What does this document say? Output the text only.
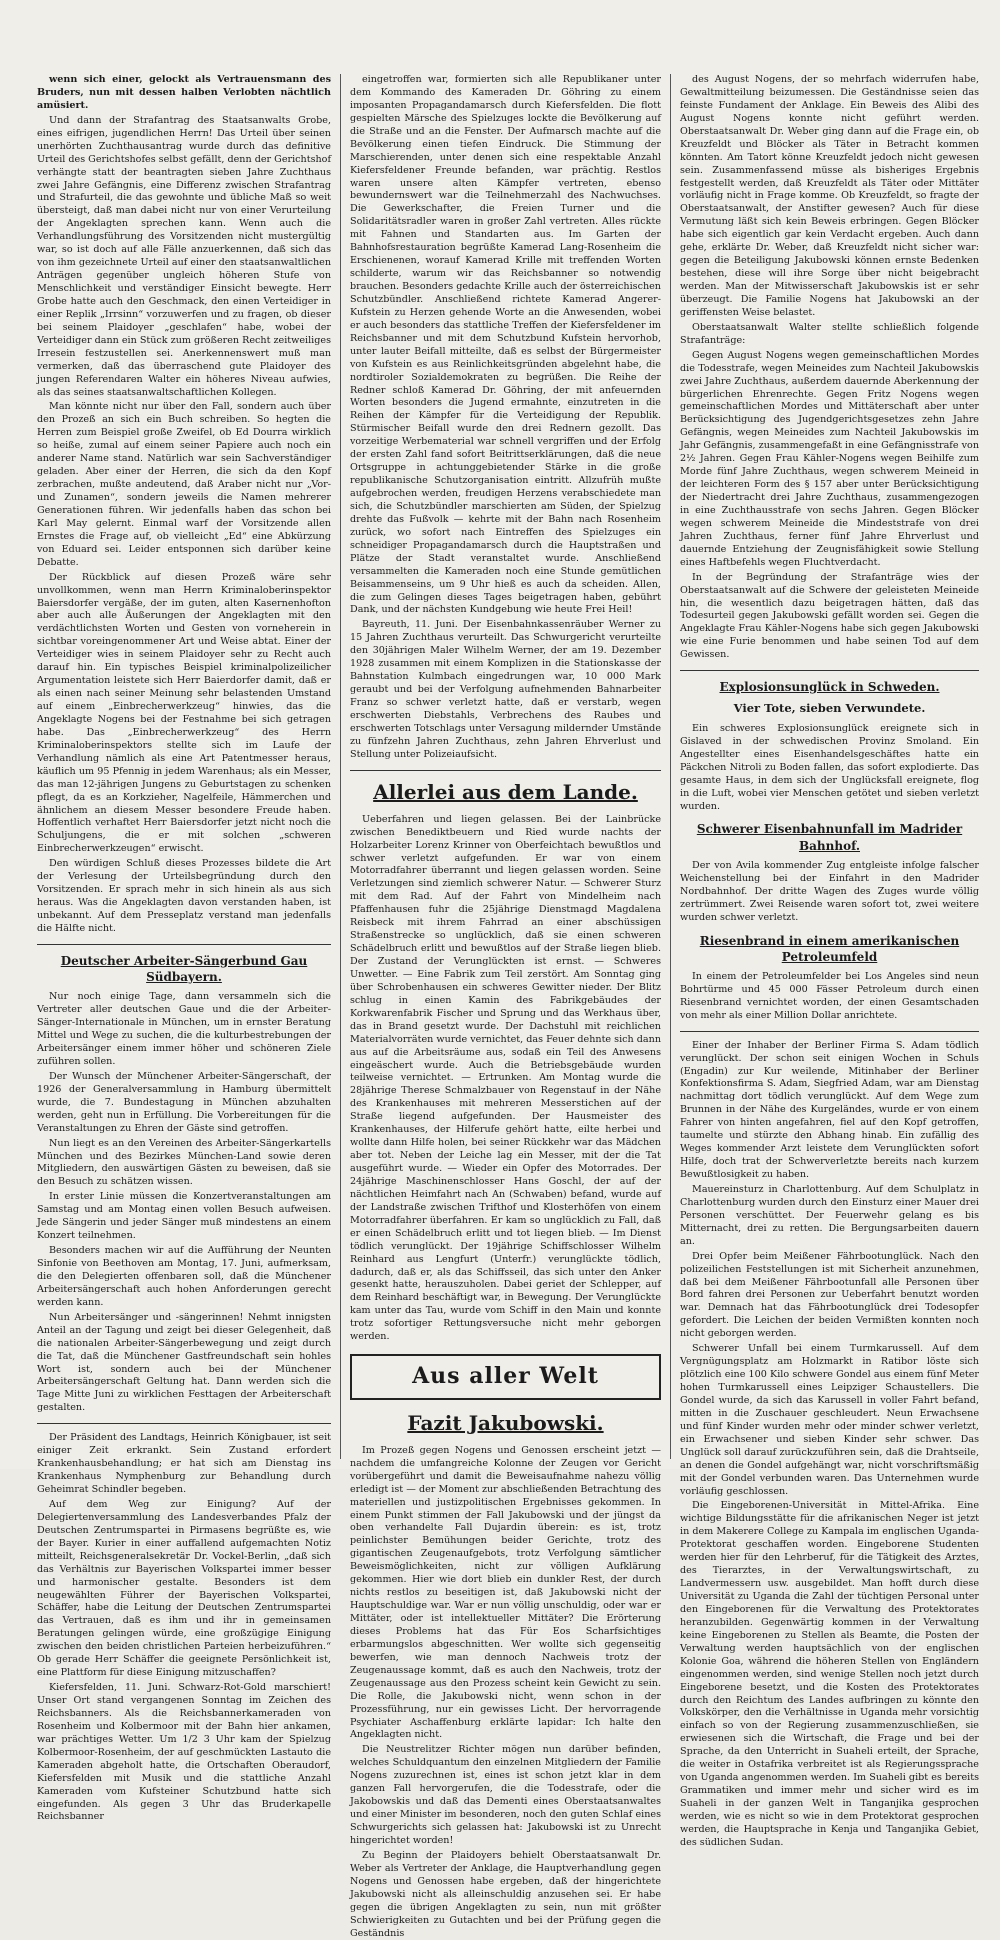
wenn sich einer, gelockt als Vertrauensmann des Bruders, nun mit dessen halben Verlobten nächtlich amüsiert.

Und dann der Strafantrag des Staatsanwalts Grobe, eines eifrigen, jugendlichen Herrn! Das Urteil über seinen unerhörten Zuchthausantrag wurde durch das definitive Urteil des Gerichtshofes selbst gefällt, denn der Gerichtshof verhängte statt der beantragten sieben Jahre Zuchthaus zwei Jahre Gefängnis, eine Differenz zwischen Strafantrag und Strafurteil, die das gewohnte und übliche Maß so weit übersteigt, daß man dabei nicht nur von einer Verurteilung der Angeklagten sprechen kann. Wenn auch die Verhandlungsführung des Vorsitzenden nicht mustergültig war, so ist doch auf alle Fälle anzuerkennen, daß sich das von ihm gezeichnete Urteil auf einer den staatsanwaltlichen Anträgen gegenüber ungleich höheren Stufe von Menschlichkeit und verständiger Einsicht bewegte. Herr Grobe hatte auch den Geschmack, den einen Verteidiger in einer Replik „Irrsinn“ vorzuwerfen und zu fragen, ob dieser bei seinem Plaidoyer „geschlafen“ habe, wobei der Verteidiger dann ein Stück zum größeren Recht zeitweiliges Irresein festzustellen sei. Anerkennenswert muß man vermerken, daß das überraschend gute Plaidoyer des jungen Referendaren Walter ein höheres Niveau aufwies, als das seines staatsanwaltschaftlichen Kollegen.

Man könnte nicht nur über den Fall, sondern auch über den Prozeß an sich ein Buch schreiben. So hegten die Herren zum Beispiel große Zweifel, ob Ed Dourra wirklich so heiße, zumal auf einem seiner Papiere auch noch ein anderer Name stand. Natürlich war sein Sachverständiger geladen. Aber einer der Herren, die sich da den Kopf zerbrachen, mußte andeutend, daß Araber nicht nur „Vor- und Zunamen“, sondern jeweils die Namen mehrerer Generationen führen. Wir jedenfalls haben das schon bei Karl May gelernt. Einmal warf der Vorsitzende allen Ernstes die Frage auf, ob vielleicht „Ed“ eine Abkürzung von Eduard sei. Leider entsponnen sich darüber keine Debatte.

Der Rückblick auf diesen Prozeß wäre sehr unvollkommen, wenn man Herrn Kriminaloberinspektor Baiersdorfer vergäße, der im guten, alten Kasernenhofton aber auch alle Äußerungen der Angeklagten mit den verdächtlichsten Worten und Gesten von vorneherein in sichtbar voreingenommener Art und Weise abtat. Einer der Verteidiger wies in seinem Plaidoyer sehr zu Recht auch darauf hin. Ein typisches Beispiel kriminalpolizeilicher Argumentation leistete sich Herr Baierdorfer damit, daß er als einen nach seiner Meinung sehr belastenden Umstand auf einem „Einbrecherwerkzeug“ hinwies, das die Angeklagte Nogens bei der Festnahme bei sich getragen habe. Das „Einbrecherwerkzeug“ des Herrn Kriminaloberinspektors stellte sich im Laufe der Verhandlung nämlich als eine Art Patentmesser heraus, käuflich um 95 Pfennig in jedem Warenhaus; als ein Messer, das man 12-jährigen Jungens zu Geburtstagen zu schenken pflegt, da es an Korkzieher, Nagelfeile, Hämmerchen und ähnlichem an diesem Messer besondere Freude haben. Hoffentlich verhaftet Herr Baiersdorfer jetzt nicht noch die Schuljungens, die er mit solchen „schweren Einbrecherwerkzeugen“ erwischt.

Den würdigen Schluß dieses Prozesses bildete die Art der Verlesung der Urteilsbegründung durch den Vorsitzenden. Er sprach mehr in sich hinein als aus sich heraus. Was die Angeklagten davon verstanden haben, ist unbekannt. Auf dem Presseplatz verstand man jedenfalls die Hälfte nicht.

Deutscher Arbeiter-Sängerbund Gau Südbayern.

Nur noch einige Tage, dann versammeln sich die Vertreter aller deutschen Gaue und die der Arbeiter-Sänger-Internationale in München, um in ernster Beratung Mittel und Wege zu suchen, die die kulturbestrebungen der Arbeitersänger einem immer höher und schöneren Ziele zuführen sollen.

Der Wunsch der Münchener Arbeiter-Sängerschaft, der 1926 der Generalversammlung in Hamburg übermittelt wurde, die 7. Bundestagung in München abzuhalten werden, geht nun in Erfüllung. Die Vorbereitungen für die Veranstaltungen zu Ehren der Gäste sind getroffen.

Nun liegt es an den Vereinen des Arbeiter-Sängerkartells München und des Bezirkes München-Land sowie deren Mitgliedern, den auswärtigen Gästen zu beweisen, daß sie den Besuch zu schätzen wissen.

In erster Linie müssen die Konzertveranstaltungen am Samstag und am Montag einen vollen Besuch aufweisen. Jede Sängerin und jeder Sänger muß mindestens an einem Konzert teilnehmen.

Besonders machen wir auf die Aufführung der Neunten Sinfonie von Beethoven am Montag, 17. Juni, aufmerksam, die den Delegierten offenbaren soll, daß die Münchener Arbeitersängerschaft auch hohen Anforderungen gerecht werden kann.

Nun Arbeitersänger und -sängerinnen! Nehmt innigsten Anteil an der Tagung und zeigt bei dieser Gelegenheit, daß die nationalen Arbeiter-Sängerbewegung und zeigt durch die Tat, daß die Münchener Gastfreundschaft sein hohles Wort ist, sondern auch bei der Münchener Arbeitersängerschaft Geltung hat. Dann werden sich die Tage Mitte Juni zu wirklichen Festtagen der Arbeiterschaft gestalten.

Der Präsident des Landtags, Heinrich Königbauer, ist seit einiger Zeit erkrankt. Sein Zustand erfordert Krankenhausbehandlung; er hat sich am Dienstag ins Krankenhaus Nymphenburg zur Behandlung durch Geheimrat Schindler begeben.

Auf dem Weg zur Einigung? Auf der Delegiertenversammlung des Landesverbandes Pfalz der Deutschen Zentrumspartei in Pirmasens begrüßte es, wie der Bayer. Kurier in einer auffallend aufgemachten Notiz mitteilt, Reichsgeneralsekretär Dr. Vockel-Berlin, „daß sich das Verhältnis zur Bayerischen Volkspartei immer besser und harmonischer gestalte. Besonders ist dem neugewählten Führer der Bayerischen Volkspartei, Schäffer, habe die Leitung der Deutschen Zentrumspartei das Vertrauen, daß es ihm und ihr in gemeinsamen Beratungen gelingen würde, eine großzügige Einigung zwischen den beiden christlichen Parteien herbeizuführen.“ Ob gerade Herr Schäffer die geeignete Persönlichkeit ist, eine Plattform für diese Einigung mitzuschaffen?

Kiefersfelden, 11. Juni. Schwarz-Rot-Gold marschiert! Unser Ort stand vergangenen Sonntag im Zeichen des Reichsbanners. Als die Reichsbannerkameraden von Rosenheim und Kolbermoor mit der Bahn hier ankamen, war prächtiges Wetter. Um 1/2 3 Uhr kam der Spielzug Kolbermoor-Rosenheim, der auf geschmückten Lastauto die Kameraden abgeholt hatte, die Ortschaften Oberaudorf, Kiefersfelden mit Musik und die stattliche Anzahl Kameraden vom Kufsteiner Schutzbund hatte sich eingefunden. Als gegen 3 Uhr das Bruderkapelle Reichsbanner

eingetroffen war, formierten sich alle Republikaner unter dem Kommando des Kameraden Dr. Göhring zu einem imposanten Propagandamarsch durch Kiefersfelden. Die flott gespielten Märsche des Spielzuges lockte die Bevölkerung auf die Straße und an die Fenster. Der Aufmarsch machte auf die Bevölkerung einen tiefen Eindruck. Die Stimmung der Marschierenden, unter denen sich eine respektable Anzahl Kiefersfeldener Freunde befanden, war prächtig. Restlos waren unsere alten Kämpfer vertreten, ebenso bewundernswert war die Teilnehmerzahl des Nachwuchses. Die Gewerkschafter, die Freien Turner und die Solidaritätsradler waren in großer Zahl vertreten. Alles rückte mit Fahnen und Standarten aus. Im Garten der Bahnhofsrestauration begrüßte Kamerad Lang-Rosenheim die Erschienenen, worauf Kamerad Krille mit treffenden Worten schilderte, warum wir das Reichsbanner so notwendig brauchen. Besonders gedachte Krille auch der österreichischen Schutzbündler. Anschließend richtete Kamerad Angerer-Kufstein zu Herzen gehende Worte an die Anwesenden, wobei er auch besonders das stattliche Treffen der Kiefersfeldener im Reichsbanner und mit dem Schutzbund Kufstein hervorhob, unter lauter Beifall mitteilte, daß es selbst der Bürgermeister von Kufstein es aus Reinlichkeitsgründen abgelehnt habe, die nordtiroler Sozialdemokraten zu begrüßen. Die Reihe der Redner schloß Kamerad Dr. Göhring, der mit anfeuernden Worten besonders die Jugend ermahnte, einzutreten in die Reihen der Kämpfer für die Verteidigung der Republik. Stürmischer Beifall wurde den drei Rednern gezollt. Das vorzeitige Werbematerial war schnell vergriffen und der Erfolg der ersten Zahl fand sofort Beitrittserklärungen, daß die neue Ortsgruppe in achtunggebietender Stärke in die große republikanische Schutzorganisation eintritt. Allzufrüh mußte aufgebrochen werden, freudigen Herzens verabschiedete man sich, die Schutzbündler marschierten am Süden, der Spielzug drehte das Fußvolk — kehrte mit der Bahn nach Rosenheim zurück, wo sofort nach Eintreffen des Spielzuges ein schneidiger Propagandamarsch durch die Hauptstraßen und Plätze der Stadt veranstaltet wurde. Anschließend versammelten die Kameraden noch eine Stunde gemütlichen Beisammenseins, um 9 Uhr hieß es auch da scheiden. Allen, die zum Gelingen dieses Tages beigetragen haben, gebührt Dank, und der nächsten Kundgebung wie heute Frei Heil!

Bayreuth, 11. Juni. Der Eisenbahnkassenräuber Werner zu 15 Jahren Zuchthaus verurteilt. Das Schwurgericht verurteilte den 30jährigen Maler Wilhelm Werner, der am 19. Dezember 1928 zusammen mit einem Komplizen in die Stationskasse der Bahnstation Kulmbach eingedrungen war, 10 000 Mark geraubt und bei der Verfolgung aufnehmenden Bahnarbeiter Franz so schwer verletzt hatte, daß er verstarb, wegen erschwerten Diebstahls, Verbrechens des Raubes und erschwerten Totschlags unter Versagung mildernder Umstände zu fünfzehn Jahren Zuchthaus, zehn Jahren Ehrverlust und Stellung unter Polizeiaufsicht.

Allerlei aus dem Lande.

Ueberfahren und liegen gelassen. Bei der Lainbrücke zwischen Benediktbeuern und Ried wurde nachts der Holzarbeiter Lorenz Krinner von Oberfeichtach bewußtlos und schwer verletzt aufgefunden. Er war von einem Motorradfahrer überrannt und liegen gelassen worden. Seine Verletzungen sind ziemlich schwerer Natur. — Schwerer Sturz mit dem Rad. Auf der Fahrt von Mindelheim nach Pfaffenhausen fuhr die 25jährige Dienstmagd Magdalena Reisbeck mit ihrem Fahrrad an einer abschüssigen Straßenstrecke so unglücklich, daß sie einen schweren Schädelbruch erlitt und bewußtlos auf der Straße liegen blieb. Der Zustand der Verunglückten ist ernst. — Schweres Unwetter. — Eine Fabrik zum Teil zerstört. Am Sonntag ging über Schrobenhausen ein schweres Gewitter nieder. Der Blitz schlug in einen Kamin des Fabrikgebäudes der Korkwarenfabrik Fischer und Sprung und das Werkhaus über, das in Brand gesetzt wurde. Der Dachstuhl mit reichlichen Materialvorräten wurde vernichtet, das Feuer dehnte sich dann aus auf die Arbeitsräume aus, sodaß ein Teil des Anwesens eingeäschert wurde. Auch die Betriebsgebäude wurden teilweise vernichtet. — Ertrunken. Am Montag wurde die 28jährige Therese Schmalzbauer von Regenstauf in der Nähe des Krankenhauses mit mehreren Messerstichen auf der Straße liegend aufgefunden. Der Hausmeister des Krankenhauses, der Hilferufe gehört hatte, eilte herbei und wollte dann Hilfe holen, bei seiner Rückkehr war das Mädchen aber tot. Neben der Leiche lag ein Messer, mit der die Tat ausgeführt wurde. — Wieder ein Opfer des Motorrades. Der 24jährige Maschinenschlosser Hans Goschl, der auf der nächtlichen Heimfahrt nach An (Schwaben) befand, wurde auf der Landstraße zwischen Trifthof und Klosterhöfen von einem Motorradfahrer überfahren. Er kam so unglücklich zu Fall, daß er einen Schädelbruch erlitt und tot liegen blieb. — Im Dienst tödlich verunglückt. Der 19jährige Schiffschlosser Wilhelm Reinhard aus Lengfurt (Unterfr.) verunglückte tödlich, dadurch, daß er, als das Schiffsseil, das sich unter den Anker gesenkt hatte, herauszuholen. Dabei geriet der Schlepper, auf dem Reinhard beschäftigt war, in Bewegung. Der Verunglückte kam unter das Tau, wurde vom Schiff in den Main und konnte trotz sofortiger Rettungsversuche nicht mehr geborgen werden.

Aus aller Welt
Fazit Jakubowski.

Im Prozeß gegen Nogens und Genossen erscheint jetzt — nachdem die umfangreiche Kolonne der Zeugen vor Gericht vorübergeführt und damit die Beweisaufnahme nahezu völlig erledigt ist — der Moment zur abschließenden Betrachtung des materiellen und justizpolitischen Ergebnisses gekommen. In einem Punkt stimmen der Fall Jakubowski und der jüngst da oben verhandelte Fall Dujardin überein: es ist, trotz peinlichster Bemühungen beider Gerichte, trotz des gigantischen Zeugenaufgebots, trotz Verfolgung sämtlicher Beweismöglichkeiten, nicht zur völligen Aufklärung gekommen. Hier wie dort blieb ein dunkler Rest, der durch nichts restlos zu beseitigen ist, daß Jakubowski nicht der Hauptschuldige war. War er nun völlig unschuldig, oder war er Mittäter, oder ist intellektueller Mittäter? Die Erörterung dieses Problems hat das Für Eos Scharfsichtiges erbarmungslos abgeschnitten. Wer wollte sich gegenseitig bewerfen, wie man dennoch Nachweis trotz der Zeugenaussage kommt, daß es auch den Nachweis, trotz der Zeugenaussage aus den Prozess scheint kein Gewicht zu sein. Die Rolle, die Jakubowski nicht, wenn schon in der Prozessführung, nur ein gewisses Licht. Der hervorragende Psychiater Aschaffenburg erklärte lapidar: Ich halte den Angeklagten nicht.

Die Neustrelitzer Richter mögen nun darüber befinden, welches Schuldquantum den einzelnen Mitgliedern der Familie Nogens zuzurechnen ist, eines ist schon jetzt klar in dem ganzen Fall hervorgerufen, die die Todesstrafe, oder die Jakobowskis und daß das Dementi eines Oberstaatsanwaltes und einer Minister im besonderen, noch den guten Schlaf eines Schwurgerichts sich gelassen hat: Jakubowski ist zu Unrecht hingerichtet worden!

Zu Beginn der Plaidoyers behielt Oberstaatsanwalt Dr. Weber als Vertreter der Anklage, die Hauptverhandlung gegen Nogens und Genossen habe ergeben, daß der hingerichtete Jakubowski nicht als alleinschuldig anzusehen sei. Er habe gegen die übrigen Angeklagten zu sein, nun mit größter Schwierigkeiten zu Gutachten und bei der Prüfung gegen die Geständnis

des August Nogens, der so mehrfach widerrufen habe, Gewaltmitteilung beizumessen. Die Geständnisse seien das feinste Fundament der Anklage. Ein Beweis des Alibi des August Nogens konnte nicht geführt werden. Oberstaatsanwalt Dr. Weber ging dann auf die Frage ein, ob Kreuzfeldt und Blöcker als Täter in Betracht kommen könnten. Am Tatort könne Kreuzfeldt jedoch nicht gewesen sein. Zusammenfassend müsse als bisheriges Ergebnis festgestellt werden, daß Kreuzfeldt als Täter oder Mittäter vorläufig nicht in Frage komme. Ob Kreuzfeldt, so fragte der Oberstaatsanwalt, der Anstifter gewesen? Auch für diese Vermutung läßt sich kein Beweis erbringen. Gegen Blöcker habe sich eigentlich gar kein Verdacht ergeben. Auch dann gehe, erklärte Dr. Weber, daß Kreuzfeldt nicht sicher war: gegen die Beteiligung Jakubowski können ernste Bedenken bestehen, diese will ihre Sorge über nicht beigebracht werden. Man der Mitwisserschaft Jakubowskis ist er sehr überzeugt. Die Familie Nogens hat Jakubowski an der geriffensten Weise belastet.

Oberstaatsanwalt Walter stellte schließlich folgende Strafanträge:

Gegen August Nogens wegen gemeinschaftlichen Mordes die Todesstrafe, wegen Meineides zum Nachteil Jakubowskis zwei Jahre Zuchthaus, außerdem dauernde Aberkennung der bürgerlichen Ehrenrechte. Gegen Fritz Nogens wegen gemeinschaftlichen Mordes und Mittäterschaft aber unter Berücksichtigung des Jugendgerichtsgesetzes zehn Jahre Gefängnis, wegen Meineides zum Nachteil Jakubowskis im Jahr Gefängnis, zusammengefaßt in eine Gefängnisstrafe von 2½ Jahren. Gegen Frau Kähler-Nogens wegen Beihilfe zum Morde fünf Jahre Zuchthaus, wegen schwerem Meineid in der leichteren Form des § 157 aber unter Berücksichtigung der Niedertracht drei Jahre Zuchthaus, zusammengezogen in eine Zuchthausstrafe von sechs Jahren. Gegen Blöcker wegen schwerem Meineide die Mindeststrafe von drei Jahren Zuchthaus, ferner fünf Jahre Ehrverlust und dauernde Entziehung der Zeugnisfähigkeit sowie Stellung eines Haftbefehls wegen Fluchtverdacht.

In der Begründung der Strafanträge wies der Oberstaatsanwalt auf die Schwere der geleisteten Meineide hin, die wesentlich dazu beigetragen hätten, daß das Todesurteil gegen Jakubowski gefällt worden sei. Gegen die Angeklagte Frau Kähler-Nogens habe sich gegen Jakubowski wie eine Furie benommen und habe seinen Tod auf dem Gewissen.

Explosionsunglück in Schweden.
Vier Tote, sieben Verwundete.

Ein schweres Explosionsunglück ereignete sich in Gislaved in der schwedischen Provinz Smoland. Ein Angestellter eines Eisenhandelsgeschäftes hatte ein Päckchen Nitroli zu Boden fallen, das sofort explodierte. Das gesamte Haus, in dem sich der Unglücksfall ereignete, flog in die Luft, wobei vier Menschen getötet und sieben verletzt wurden.

Schwerer Eisenbahnunfall im Madrider Bahnhof.

Der von Avila kommender Zug entgleiste infolge falscher Weichenstellung bei der Einfahrt in den Madrider Nordbahnhof. Der dritte Wagen des Zuges wurde völlig zertrümmert. Zwei Reisende waren sofort tot, zwei weitere wurden schwer verletzt.

Riesenbrand in einem amerikanischen Petroleumfeld

In einem der Petroleumfelder bei Los Angeles sind neun Bohrtürme und 45 000 Fässer Petroleum durch einen Riesenbrand vernichtet worden, der einen Gesamtschaden von mehr als einer Million Dollar anrichtete.

Einer der Inhaber der Berliner Firma S. Adam tödlich verunglückt. Der schon seit einigen Wochen in Schuls (Engadin) zur Kur weilende, Mitinhaber der Berliner Konfektionsfirma S. Adam, Siegfried Adam, war am Dienstag nachmittag dort tödlich verunglückt. Auf dem Wege zum Brunnen in der Nähe des Kurgeländes, wurde er von einem Fahrer von hinten angefahren, fiel auf den Kopf getroffen, taumelte und stürzte den Abhang hinab. Ein zufällig des Weges kommender Arzt leistete dem Verunglückten sofort Hilfe, doch trat der Schwerverletzte bereits nach kurzem Bewußtlosigkeit zu haben.

Mauereinsturz in Charlottenburg. Auf dem Schulplatz in Charlottenburg wurden durch den Einsturz einer Mauer drei Personen verschüttet. Der Feuerwehr gelang es bis Mitternacht, drei zu retten. Die Bergungsarbeiten dauern an.

Drei Opfer beim Meißener Fährbootunglück. Nach den polizeilichen Feststellungen ist mit Sicherheit anzunehmen, daß bei dem Meißener Fährbootunfall alle Personen über Bord fahren drei Personen zur Ueberfahrt benutzt worden war. Demnach hat das Fährbootunglück drei Todesopfer gefordert. Die Leichen der beiden Vermißten konnten noch nicht geborgen werden.

Schwerer Unfall bei einem Turmkarussell. Auf dem Vergnügungsplatz am Holzmarkt in Ratibor löste sich plötzlich eine 100 Kilo schwere Gondel aus einem fünf Meter hohen Turmkarussell eines Leipziger Schaustellers. Die Gondel wurde, da sich das Karussell in voller Fahrt befand, mitten in die Zuschauer geschleudert. Neun Erwachsene und fünf Kinder wurden mehr oder minder schwer verletzt, ein Erwachsener und sieben Kinder sehr schwer. Das Unglück soll darauf zurückzuführen sein, daß die Drahtseile, an denen die Gondel aufgehängt war, nicht vorschriftsmäßig mit der Gondel verbunden waren. Das Unternehmen wurde vorläufig geschlossen.

Die Eingeborenen-Universität in Mittel-Afrika. Eine wichtige Bildungsstätte für die afrikanischen Neger ist jetzt in dem Makerere College zu Kampala im englischen Uganda-Protektorat geschaffen worden. Eingeborene Studenten werden hier für den Lehrberuf, für die Tätigkeit des Arztes, des Tierarztes, in der Verwaltungswirtschaft, zu Landvermessern usw. ausgebildet. Man hofft durch diese Universität zu Uganda die Zahl der tüchtigen Personal unter den Eingeborenen für die Verwaltung des Protektorates heranzubilden. Gegenwärtig kommen in der Verwaltung keine Eingeborenen zu Stellen als Beamte, die Posten der Verwaltung werden hauptsächlich von der englischen Kolonie Goa, während die höheren Stellen von Engländern eingenommen werden, sind wenige Stellen noch jetzt durch Eingeborene besetzt, und die Kosten des Protektorates durch den Reichtum des Landes aufbringen zu könnte den Volkskörper, den die Verhältnisse in Uganda mehr vorsichtig einfach so von der Regierung zusammenzuschließen, sie erwiesenen sich die Wirtschaft, die Frage und bei der Sprache, da den Unterricht in Suaheli erteilt, der Sprache, die weiter in Ostafrika verbreitet ist als Regierungssprache von Uganda angenommen werden. Im Suaheli gibt es bereits Grammatiken und immer mehr und sicher wird es im Suaheli in der ganzen Welt in Tanganjika gesprochen werden, wie es nicht so wie in dem Protektorat gesprochen werden, die Hauptsprache in Kenja und Tanganjika Gebiet, des südlichen Sudan.
